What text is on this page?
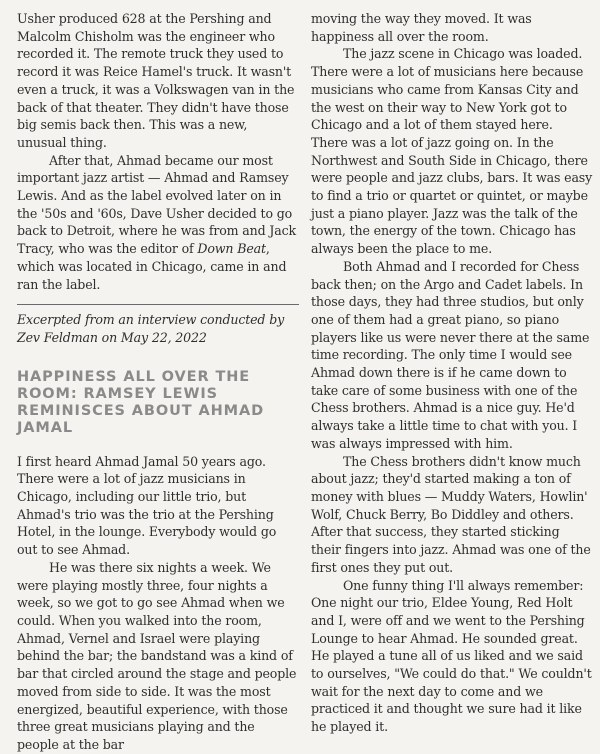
Usher produced 628 at the Pershing and Malcolm Chisholm was the engineer who recorded it. The remote truck they used to record it was Reice Hamel's truck. It wasn't even a truck, it was a Volkswagen van in the back of that theater. They didn't have those big semis back then. This was a new, unusual thing.

After that, Ahmad became our most important jazz artist — Ahmad and Ramsey Lewis. And as the label evolved later on in the '50s and '60s, Dave Usher decided to go back to Detroit, where he was from and Jack Tracy, who was the editor of Down Beat, which was located in Chicago, came in and ran the label.

Excerpted from an interview conducted by Zev Feldman on May 22, 2022

HAPPINESS ALL OVER THE ROOM: RAMSEY LEWIS REMINISCES ABOUT AHMAD JAMAL

I first heard Ahmad Jamal 50 years ago. There were a lot of jazz musicians in Chicago, including our little trio, but Ahmad's trio was the trio at the Pershing Hotel, in the lounge. Everybody would go out to see Ahmad.

He was there six nights a week. We were playing mostly three, four nights a week, so we got to go see Ahmad when we could. When you walked into the room, Ahmad, Vernel and Israel were playing behind the bar; the bandstand was a kind of bar that circled around the stage and people moved from side to side. It was the most energized, beautiful experience, with those three great musicians playing and the people at the bar

moving the way they moved. It was happiness all over the room.

The jazz scene in Chicago was loaded. There were a lot of musicians here because musicians who came from Kansas City and the west on their way to New York got to Chicago and a lot of them stayed here. There was a lot of jazz going on. In the Northwest and South Side in Chicago, there were people and jazz clubs, bars. It was easy to find a trio or quartet or quintet, or maybe just a piano player. Jazz was the talk of the town, the energy of the town. Chicago has always been the place to me.

Both Ahmad and I recorded for Chess back then; on the Argo and Cadet labels. In those days, they had three studios, but only one of them had a great piano, so piano players like us were never there at the same time recording. The only time I would see Ahmad down there is if he came down to take care of some business with one of the Chess brothers. Ahmad is a nice guy. He'd always take a little time to chat with you. I was always impressed with him.

The Chess brothers didn't know much about jazz; they'd started making a ton of money with blues — Muddy Waters, Howlin' Wolf, Chuck Berry, Bo Diddley and others. After that success, they started sticking their fingers into jazz. Ahmad was one of the first ones they put out.

One funny thing I'll always remember: One night our trio, Eldee Young, Red Holt and I, were off and we went to the Pershing Lounge to hear Ahmad. He sounded great. He played a tune all of us liked and we said to ourselves, "We could do that." We couldn't wait for the next day to come and we practiced it and thought we sure had it like he played it.
